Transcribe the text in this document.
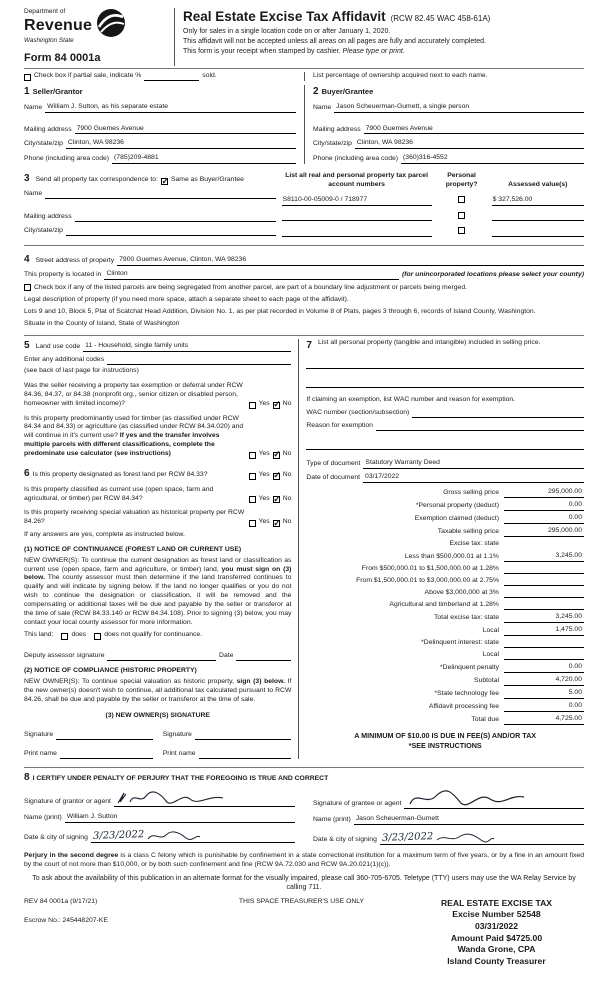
Department of
Revenue
Washington State
Form 84 0001a
Real Estate Excise Tax Affidavit (RCW 82.45 WAC 458-61A)
Only for sales in a single location code on or after January 1, 2020.
This affidavit will not be accepted unless all areas on all pages are fully and accurately completed.
This form is your receipt when stamped by cashier. Please type or print.
Check box if partial sale, indicate %	sold.	List percentage of ownership acquired next to each name.
1 Seller/Grantor
Name William J. Sutton, as his separate estate
Mailing address 7900 Guemes Avenue
City/state/zip Clinton, WA 98236
Phone (including area code) (785)209-4881
2 Buyer/Grantee
Name Jason Scheuerman-Gumett, a single person
Mailing address 7900 Guemes Avenue
City/state/zip Clinton, WA 98236
Phone (including area code) (360)316-4552
3 Send all property tax correspondence to: ✓ Same as Buyer/Grantee
Name
Mailing address
City/state/zip
List all real and personal property tax parcel account numbers
Personal property?	Assessed value(s)
S8110-00-05009-0 / 718977	$ 327,526.00
4 Street address of property 7900 Guemes Avenue, Clinton, WA 98236
This property is located in Clinton	(for unincorporated locations please select your county)
Check box if any of the listed parcels are being segregated from another parcel, are part of a boundary line adjustment or parcels being merged.
Legal description of property (if you need more space, attach a separate sheet to each page of the affidavit).
Lots 9 and 10, Block 5, Plat of Scatchat Head Addition, Division No. 1, as per plat recorded in Volume 8 of Plats, pages 3 through 6, records of Island County, Washington.
Situate in the County of Island, State of Washington
5 Land use code 11 - Household, single family units
Enter any additional codes
(see back of last page for instructions)
Was the seller receiving a property tax exemption or deferral under RCW 84.36, 84.37, or 84.38 (nonprofit org., senior citizen or disabled person, homeowner with limited income)?	Yes ✓ No
Is this property predominantly used for timber (as classified under RCW 84.34 and 84.33) or agriculture (as classified under RCW 84.34.020) and will continue in it's current use? If yes and the transfer involves multiple parcels with different classifications, complete the predominate use calculator (see instructions)	Yes ✓ No
6 Is this property designated as forest land per RCW 84.33?	Yes ✓ No
Is this property classified as current use (open space, farm and agricultural, or timber) per RCW 84.34?	Yes ✓ No
Is this property receiving special valuation as historical property per RCW 84.26?	Yes ✓ No
If any answers are yes, complete as instructed below.
(1) NOTICE OF CONTINUANCE (FOREST LAND OR CURRENT USE)
NEW OWNER(S): To continue the current designation as forest land or classification as current use (open space, farm and agriculture, or timber) land, you must sign on (3) below. The county assessor must then determine if the land transferred continues to qualify and will indicate by signing below. If the land no longer qualifies or you do not wish to continue the designation or classification, it will be removed and the compensating or additional taxes will be due and payable by the seller or transferor at the time of sale (RCW 84.33.140 or RCW 84.34.108). Prior to signing (3) below, you may contact your local county assessor for more information.
This land:	does	does not qualify for continuance.
Deputy assessor signature	Date
(2) NOTICE OF COMPLIANCE (HISTORIC PROPERTY)
NEW OWNER(S): To continue special valuation as historic property, sign (3) below. If the new owner(s) doesn't wish to continue, all additional tax calculated pursuant to RCW 84.26, shall be due and payable by the seller or transferor at the time of sale.
(3) NEW OWNER(S) SIGNATURE
Signature	Signature
Print name	Print name
7 List all personal property (tangible and intangible) included in selling price.
If claiming an exemption, list WAC number and reason for exemption.
WAC number (section/subsection)
Reason for exemption
Type of document Statutory Warranty Deed
Date of document 03/17/2022
Gross selling price	295,000.00
*Personal property (deduct)	0.00
Exemption claimed (deduct)	0.00
Taxable selling price	295,000.00
Excise tax: state
Less than $500,000.01 at 1.1%	3,245.00
From $500,000.01 to $1,500,000.00 at 1.28%
From $1,500,000.01 to $3,000,000.00 at 2.75%
Above $3,000,000 at 3%
Agricultural and timberland at 1.28%
Total excise tax: state	3,245.00
Local	1,475.00
*Delinquent interest: state
Local
*Delinquent penalty	0.00
Subtotal	4,720.00
*State technology fee	5.00
Affidavit processing fee	0.00
Total due	4,725.00
A MINIMUM OF $10.00 IS DUE IN FEE(S) AND/OR TAX
*SEE INSTRUCTIONS
8 I CERTIFY UNDER PENALTY OF PERJURY THAT THE FOREGOING IS TRUE AND CORRECT
Signature of grantor or agent
Name (print) William J. Sutton
Date & city of signing 3/23/2022
Signature of grantee or agent
Name (print) Jason Scheuerman-Gumett
Date & city of signing 3/23/2022
Perjury in the second degree is a class C felony which is punishable by confinement in a state correctional institution for a maximum term of five years, or by a fine in an amount fixed by the court of not more than $10,000, or by both such confinement and fine (RCW 9A.72.030 and RCW 9A.20.021(1)(c)).
To ask about the availability of this publication in an alternate format for the visually impaired, please call 360-705-6705. Teletype (TTY) users may use the WA Relay Service by calling 711.
REV 84 0001a (9/17/21)
Escrow No.: 245448207-KE
THIS SPACE TREASURER'S USE ONLY	REAL ESTATE EXCISE TAX
Excise Number 52548
03/31/2022
Amount Paid $4725.00
Wanda Grone, CPA
Island County Treasurer
